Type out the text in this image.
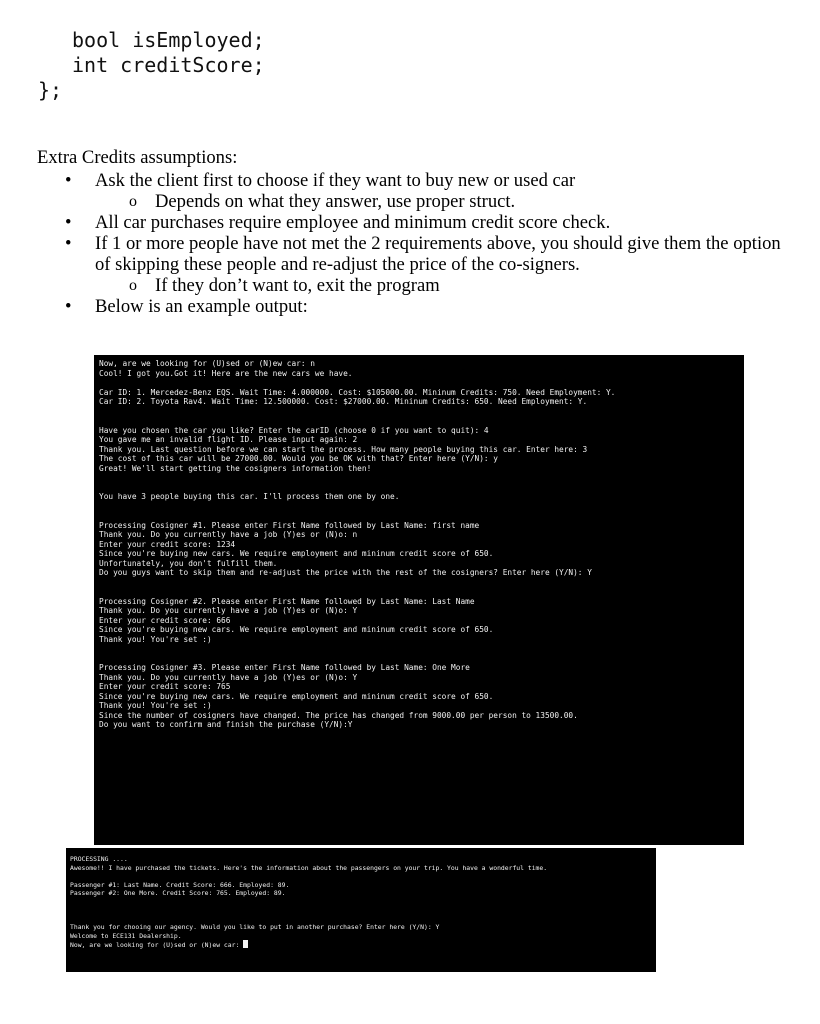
bool isEmployed;
int creditScore;
};
Extra Credits assumptions:
• Ask the client first to choose if they want to buy new or used car
o Depends on what they answer, use proper struct.
• All car purchases require employee and minimum credit score check.
• If 1 or more people have not met the 2 requirements above, you should give them the option of skipping these people and re-adjust the price of the co-signers.
o If they don’t want to, exit the program
• Below is an example output:
Now, are we looking for (U)sed or (N)ew car: n
Cool! I got you.Got it! Here are the new cars we have.
Car ID: 1. Mercedez-Benz EQS. Wait Time: 4.000000. Cost: $105000.00. Mininum Credits: 750. Need Employment: Y.
Car ID: 2. Toyota Rav4. Wait Time: 12.500000. Cost: $27000.00. Mininum Credits: 650. Need Employment: Y.
Have you chosen the car you like? Enter the carID (choose 0 if you want to quit): 4
You gave me an invalid flight ID. Please input again: 2
Thank you. Last question before we can start the process. How many people buying this car. Enter here: 3
The cost of this car will be 27000.00. Would you be OK with that? Enter here (Y/N): y
Great! We'll start getting the cosigners information then!
You have 3 people buying this car. I'll process them one by one.
Processing Cosigner #1. Please enter First Name followed by Last Name: first name
Thank you. Do you currently have a job (Y)es or (N)o: n
Enter your credit score: 1234
Since you're buying new cars. We require employment and mininum credit score of 650.
Unfortunately, you don't fulfill them.
Do you guys want to skip them and re-adjust the price with the rest of the cosigners? Enter here (Y/N): Y
Processing Cosigner #2. Please enter First Name followed by Last Name: Last Name
Thank you. Do you currently have a job (Y)es or (N)o: Y
Enter your credit score: 666
Since you're buying new cars. We require employment and mininum credit score of 650.
Thank you! You're set :)
Processing Cosigner #3. Please enter First Name followed by Last Name: One More
Thank you. Do you currently have a job (Y)es or (N)o: Y
Enter your credit score: 765
Since you're buying new cars. We require employment and mininum credit score of 650.
Thank you! You're set :)
Since the number of cosigners have changed. The price has changed from 9000.00 per person to 13500.00.
Do you want to confirm and finish the purchase (Y/N):Y
PROCESSING ....
Awesome!! I have purchased the tickets. Here's the information about the passengers on your trip. You have a wonderful time.
Passenger #1: Last Name. Credit Score: 666. Employed: 89.
Passenger #2: One More. Credit Score: 765. Employed: 89.
Thank you for chooing our agency. Would you like to put in another purchase? Enter here (Y/N): Y
Welcome to ECE131 Dealership.
Now, are we looking for (U)sed or (N)ew car:
